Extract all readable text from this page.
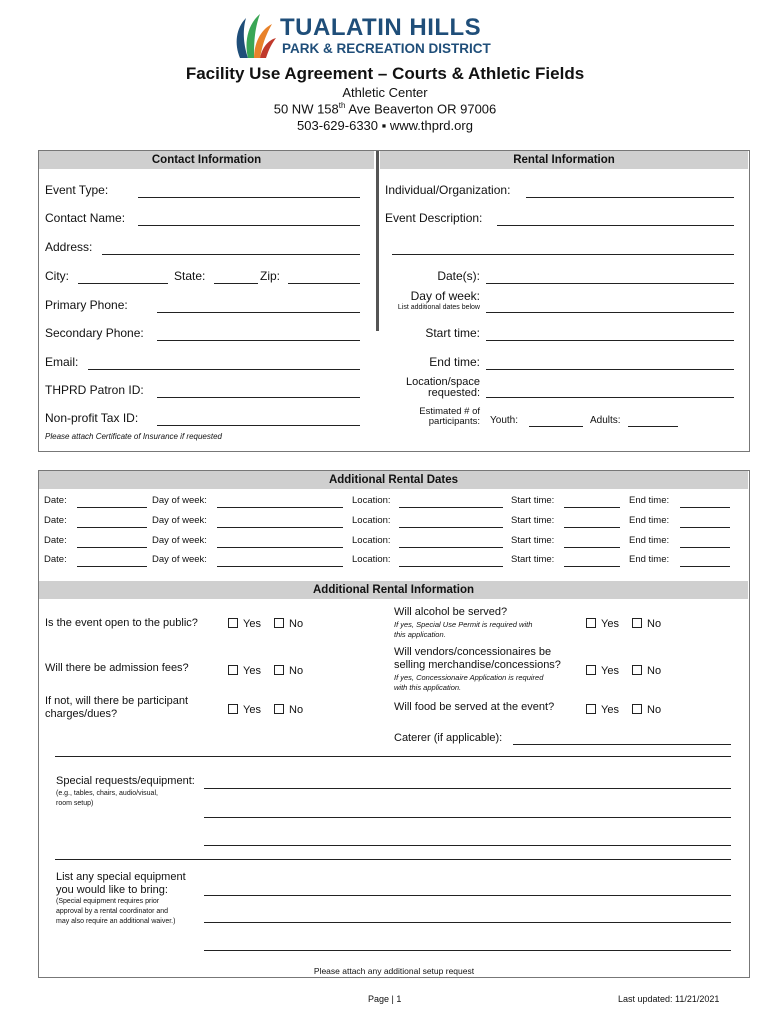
TUALATIN HILLS
PARK & RECREATION DISTRICT
Facility Use Agreement – Courts & Athletic Fields
Athletic Center
50 NW 158th Ave Beaverton OR 97006
503-629-6330 ▪ www.thprd.org
Contact Information	Rental Information
Event Type:
Contact Name:
Address:
City:	State:	Zip:
Primary Phone:
Secondary Phone:
Email:
THPRD Patron ID:
Non-profit Tax ID:
Please attach Certificate of Insurance if requested
Individual/Organization:
Event Description:
Date(s):
Day of week:
List additional dates below
Start time:
End time:
Location/space
requested:
Estimated # of
participants: Youth:	Adults:
Additional Rental Dates
Date:	Day of week:	Location:	Start time:	End time:
Date:	Day of week:	Location:	Start time:	End time:
Date:	Day of week:	Location:	Start time:	End time:
Date:	Day of week:	Location:	Start time:	End time:
Additional Rental Information
Is the event open to the public?	Yes	No
Will there be admission fees?	Yes	No
If not, will there be participant
charges/dues?	Yes	No
Will alcohol be served?
If yes, Special Use Permit is required with
this application.
Yes	No
Will vendors/concessionaires be
selling merchandise/concessions?
If yes, Concessionaire Application is required
with this application.
Yes	No
Will food be served at the event?	Yes	No
Caterer (if applicable):
Special requests/equipment:
(e.g., tables, chairs, audio/visual,
room setup)
List any special equipment
you would like to bring:
(Special equipment requires prior
approval by a rental coordinator and
may also require an additional waiver.)
Please attach any additional setup request
Page | 1	Last updated: 11/21/2021
